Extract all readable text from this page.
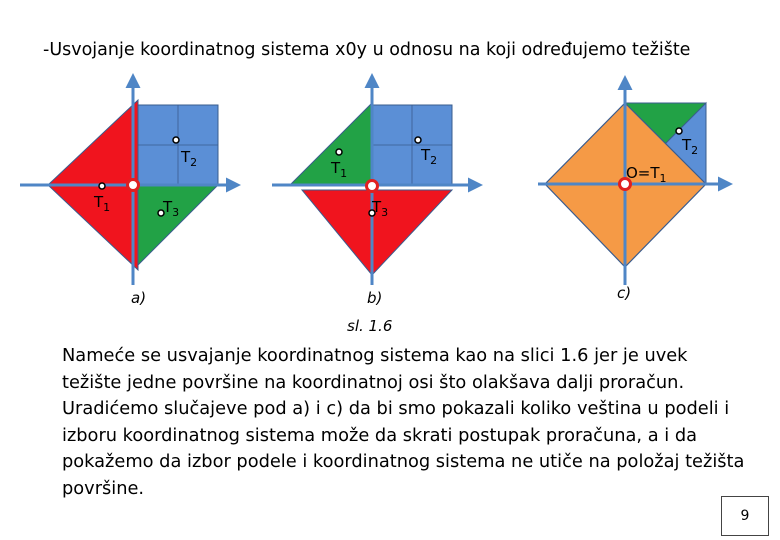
-Usvojanje koordinatnog sistema x0y u odnosu na koji određujemo težište
$T_2$
$T_1$	$T_3$
a)
$T_1$
$T_2$
$T_3$
b)
$T_2$
$O=T_1$
c)
sl. 1.6
Nameće se usvajanje koordinatnog sistema kao na slici 1.6 jer je uvek težište jedne površine na koordinatnoj osi što olakšava dalji proračun. Uradićemo slučajeve pod a) i c) da bi smo pokazali koliko veština u podeli i izboru koordinatnog sistema može da skrati postupak proračuna, a i da pokažemo da izbor podele i koordinatnog sistema ne utiče na položaj težišta površine.
9
